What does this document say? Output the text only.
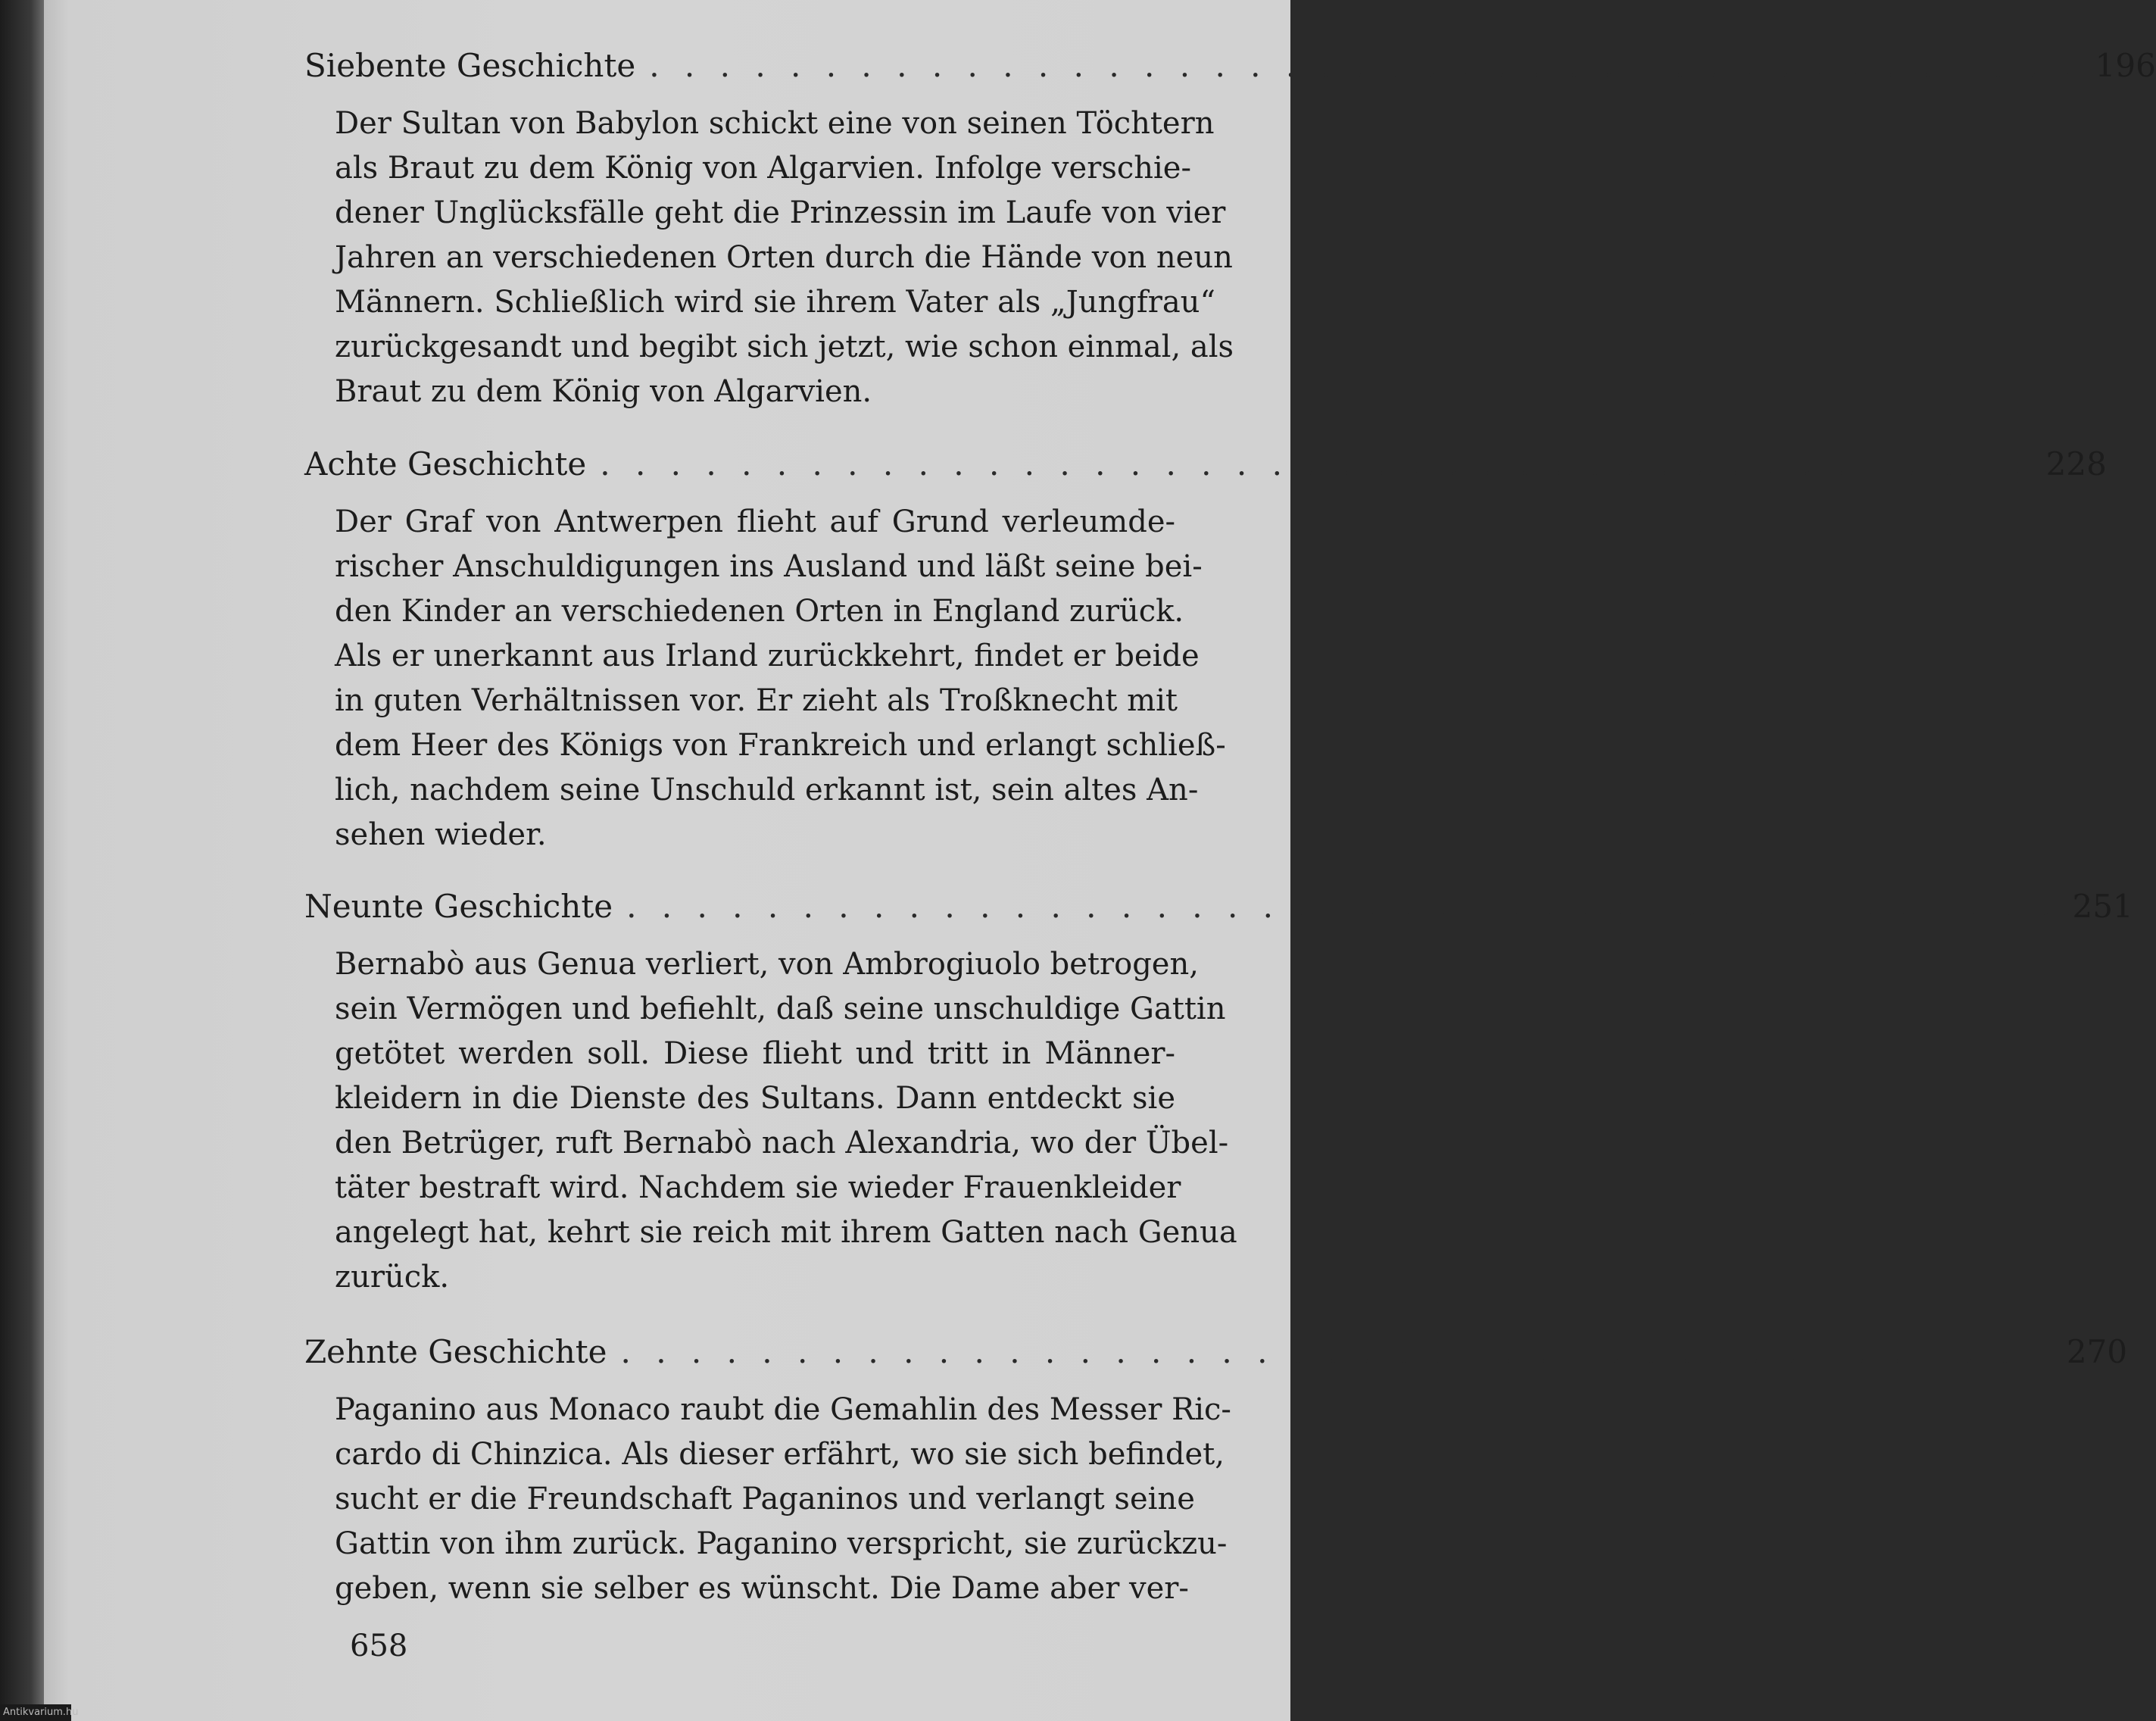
Siebente Geschichte . . . . . . . . . . . . . . . . . . . . . . . . . . . . . . . . . . . . . . . . . 196
Der Sultan von Babylon schickt eine von seinen Töchtern
als Braut zu dem König von Algarvien. Infolge verschie-
dener Unglücksfälle geht die Prinzessin im Laufe von vier
Jahren an verschiedenen Orten durch die Hände von neun
Männern. Schließlich wird sie ihrem Vater als „Jungfrau“
zurückgesandt und begibt sich jetzt, wie schon einmal, als
Braut zu dem König von Algarvien.
Achte Geschichte . . . . . . . . . . . . . . . . . . . . . . . . . . . . . . . . . . . . . . . . . 228
Der Graf von Antwerpen flieht auf Grund verleumde-
rischer Anschuldigungen ins Ausland und läßt seine bei-
den Kinder an verschiedenen Orten in England zurück.
Als er unerkannt aus Irland zurückkehrt, findet er beide
in guten Verhältnissen vor. Er zieht als Troßknecht mit
dem Heer des Königs von Frankreich und erlangt schließ-
lich, nachdem seine Unschuld erkannt ist, sein altes An-
sehen wieder.
Neunte Geschichte . . . . . . . . . . . . . . . . . . . . . . . . . . . . . . . . . . . . . . . . . 251
Bernabò aus Genua verliert, von Ambrogiuolo betrogen,
sein Vermögen und befiehlt, daß seine unschuldige Gattin
getötet werden soll. Diese flieht und tritt in Männer-
kleidern in die Dienste des Sultans. Dann entdeckt sie
den Betrüger, ruft Bernabò nach Alexandria, wo der Übel-
täter bestraft wird. Nachdem sie wieder Frauenkleider
angelegt hat, kehrt sie reich mit ihrem Gatten nach Genua
zurück.
Zehnte Geschichte . . . . . . . . . . . . . . . . . . . . . . . . . . . . . . . . . . . . . . . . . 270
Paganino aus Monaco raubt die Gemahlin des Messer Ric-
cardo di Chinzica. Als dieser erfährt, wo sie sich befindet,
sucht er die Freundschaft Paganinos und verlangt seine
Gattin von ihm zurück. Paganino verspricht, sie zurückzu-
geben, wenn sie selber es wünscht. Die Dame aber ver-
658
Antikvarium.hu
